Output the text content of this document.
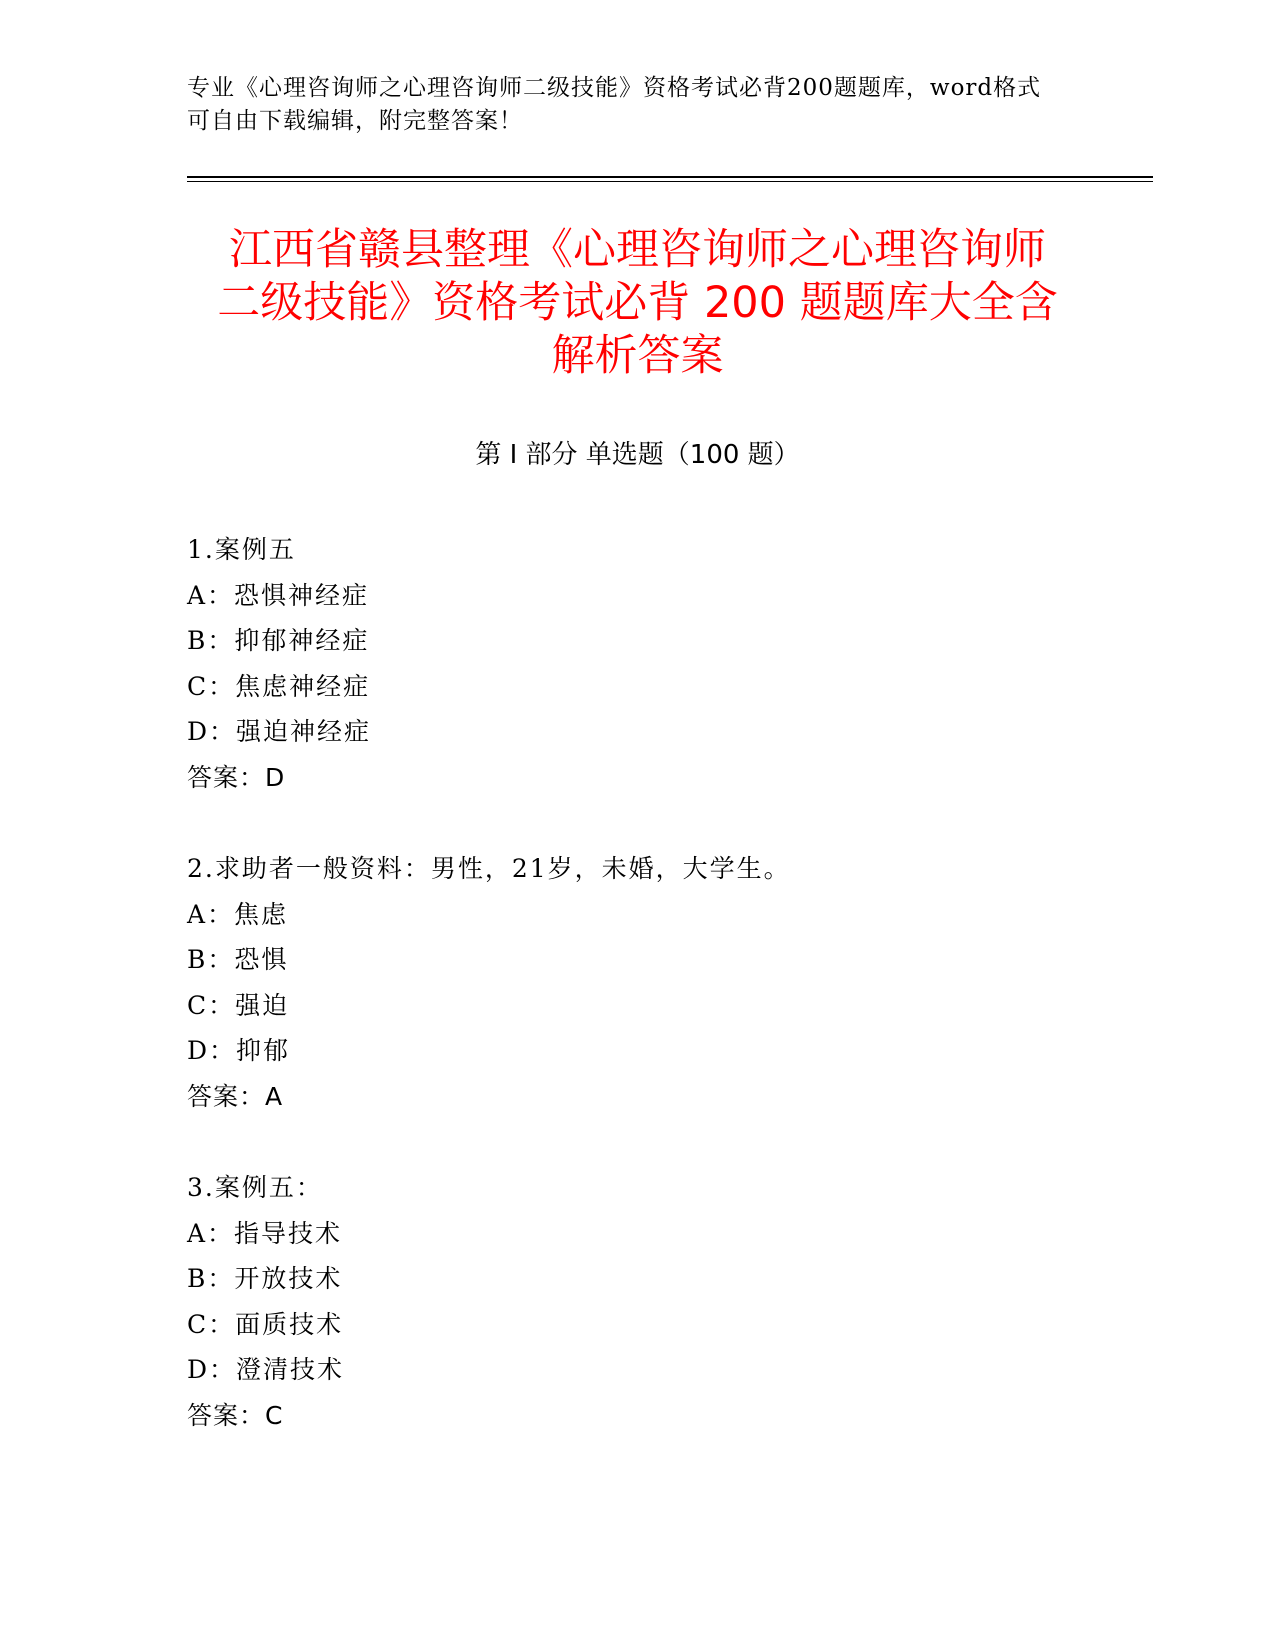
专业《心理咨询师之心理咨询师二级技能》资格考试必背200题题库，word格式
可自由下载编辑，附完整答案！
江西省赣县整理《心理咨询师之心理咨询师
二级技能》资格考试必背 200 题题库大全含
解析答案
第 I 部分 单选题（100 题）
1.案例五
A：恐惧神经症
B：抑郁神经症
C：焦虑神经症
D：强迫神经症
答案：D
2.求助者一般资料：男性，21岁，未婚，大学生。
A：焦虑
B：恐惧
C：强迫
D：抑郁
答案：A
3.案例五：
A：指导技术
B：开放技术
C：面质技术
D：澄清技术
答案：C
